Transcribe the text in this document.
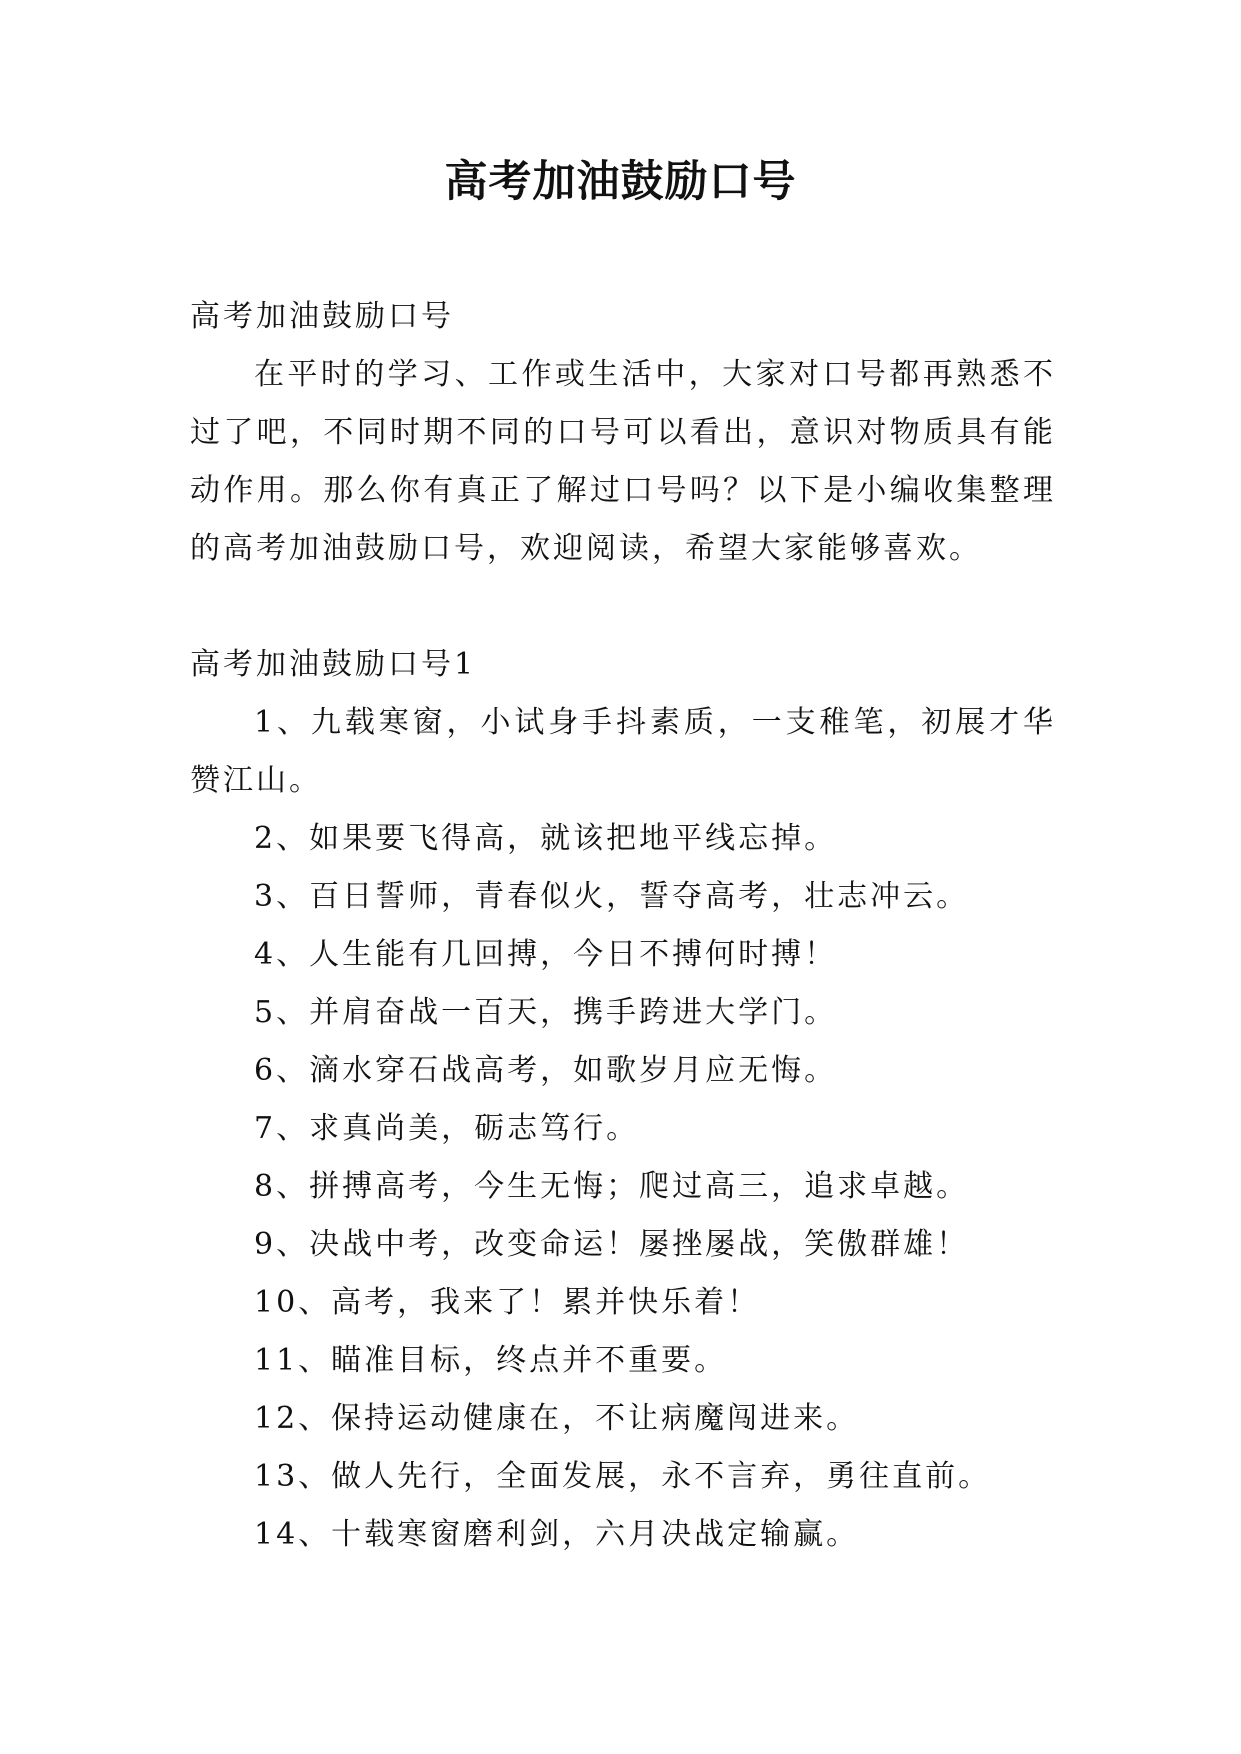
高考加油鼓励口号

高考加油鼓励口号

在平时的学习、工作或生活中，大家对口号都再熟悉不过了吧，不同时期不同的口号可以看出，意识对物质具有能动作用。那么你有真正了解过口号吗？以下是小编收集整理的高考加油鼓励口号，欢迎阅读，希望大家能够喜欢。

高考加油鼓励口号1

1、九载寒窗，小试身手抖素质，一支稚笔，初展才华赞江山。

2、如果要飞得高，就该把地平线忘掉。

3、百日誓师，青春似火，誓夺高考，壮志冲云。

4、人生能有几回搏，今日不搏何时搏！

5、并肩奋战一百天，携手跨进大学门。

6、滴水穿石战高考，如歌岁月应无悔。

7、求真尚美，砺志笃行。

8、拼搏高考，今生无悔；爬过高三，追求卓越。

9、决战中考，改变命运！屡挫屡战，笑傲群雄！

10、高考，我来了！累并快乐着！

11、瞄准目标，终点并不重要。

12、保持运动健康在，不让病魔闯进来。

13、做人先行，全面发展，永不言弃，勇往直前。

14、十载寒窗磨利剑，六月决战定输赢。
